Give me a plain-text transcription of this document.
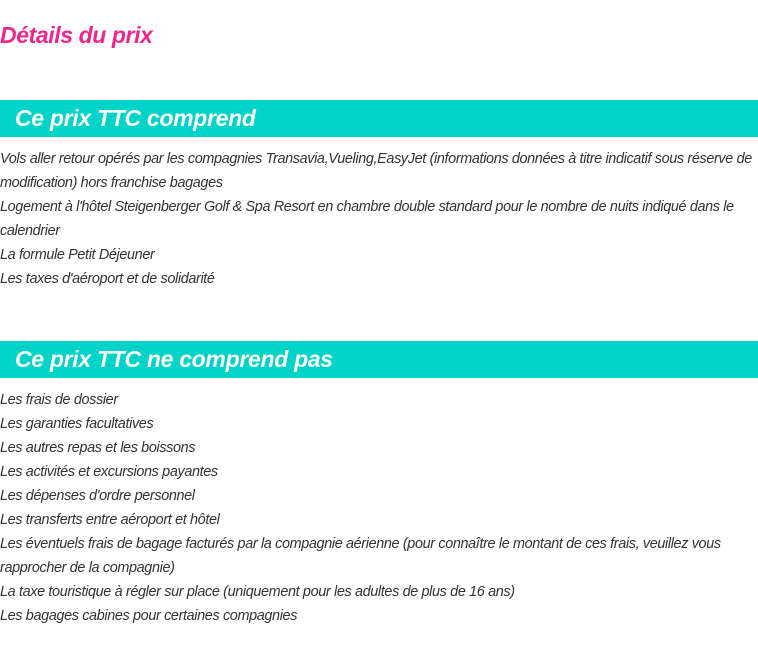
Détails du prix
Ce prix TTC comprend
Vols aller retour opérés par les compagnies Transavia,Vueling,EasyJet (informations données à titre indicatif sous réserve de modification) hors franchise bagages
Logement à l'hôtel Steigenberger Golf & Spa Resort en chambre double standard pour le nombre de nuits indiqué dans le calendrier
La formule Petit Déjeuner
Les taxes d'aéroport et de solidarité
Ce prix TTC ne comprend pas
Les frais de dossier
Les garanties facultatives
Les autres repas et les boissons
Les activités et excursions payantes
Les dépenses d'ordre personnel
Les transferts entre aéroport et hôtel
Les éventuels frais de bagage facturés par la compagnie aérienne (pour connaître le montant de ces frais, veuillez vous rapprocher de la compagnie)
La taxe touristique à régler sur place (uniquement pour les adultes de plus de 16 ans)
Les bagages cabines pour certaines compagnies
